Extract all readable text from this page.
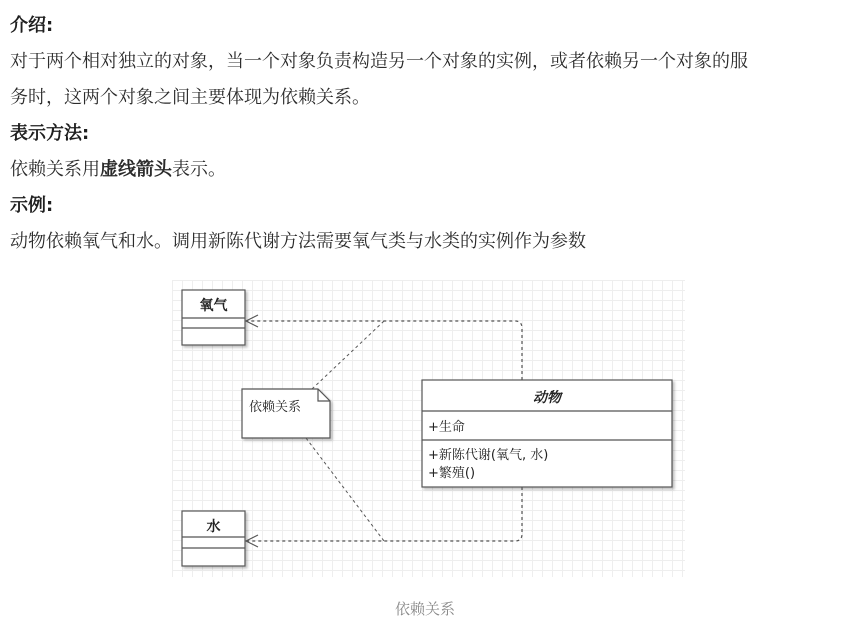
介绍:
对于两个相对独立的对象，当一个对象负责构造另一个对象的实例，或者依赖另一个对象的服
务时，这两个对象之间主要体现为依赖关系。
表示方法:
依赖关系用虚线箭头表示。
示例:
动物依赖氧气和水。调用新陈代谢方法需要氧气类与水类的实例作为参数
氧气
水
动物
+生命
+新陈代谢(氧气, 水)
+繁殖()
依赖关系
依赖关系
